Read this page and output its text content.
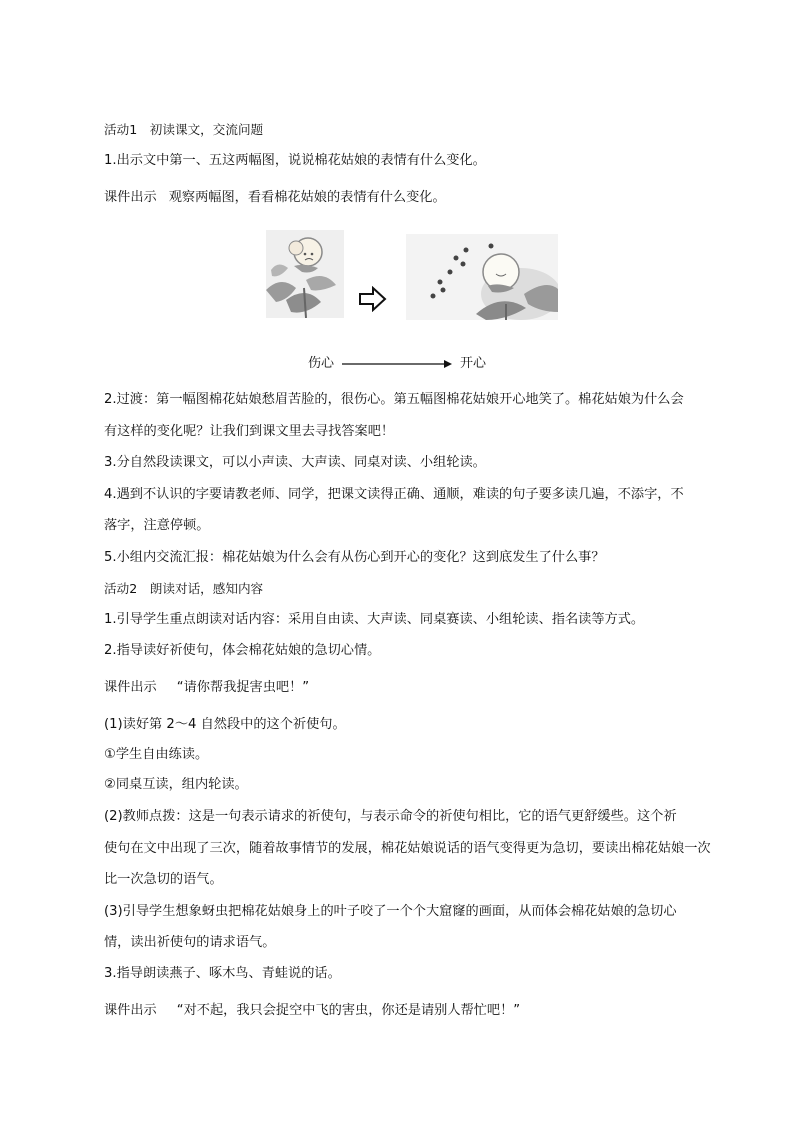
活动1　初读课文，交流问题
1.出示文中第一、五这两幅图，说说棉花姑娘的表情有什么变化。
课件出示 观察两幅图，看看棉花姑娘的表情有什么变化。
伤心	开心
2.过渡：第一幅图棉花姑娘愁眉苦脸的，很伤心。第五幅图棉花姑娘开心地笑了。棉花姑娘为什么会
有这样的变化呢？让我们到课文里去寻找答案吧！
3.分自然段读课文，可以小声读、大声读、同桌对读、小组轮读。
4.遇到不认识的字要请教老师、同学，把课文读得正确、通顺，难读的句子要多读几遍，不添字，不
落字，注意停顿。
5.小组内交流汇报：棉花姑娘为什么会有从伤心到开心的变化？这到底发生了什么事？
活动2　朗读对话，感知内容
1.引导学生重点朗读对话内容：采用自由读、大声读、同桌赛读、小组轮读、指名读等方式。
2.指导读好祈使句，体会棉花姑娘的急切心情。
课件出示 “请你帮我捉害虫吧！”
(1)读好第 2～4 自然段中的这个祈使句。
①学生自由练读。
②同桌互读，组内轮读。
(2)教师点拨：这是一句表示请求的祈使句，与表示命令的祈使句相比，它的语气更舒缓些。这个祈
使句在文中出现了三次，随着故事情节的发展，棉花姑娘说话的语气变得更为急切，要读出棉花姑娘一次
比一次急切的语气。
(3)引导学生想象蚜虫把棉花姑娘身上的叶子咬了一个个大窟窿的画面，从而体会棉花姑娘的急切心
情，读出祈使句的请求语气。
3.指导朗读燕子、啄木鸟、青蛙说的话。
课件出示 “对不起，我只会捉空中飞的害虫，你还是请别人帮忙吧！”
